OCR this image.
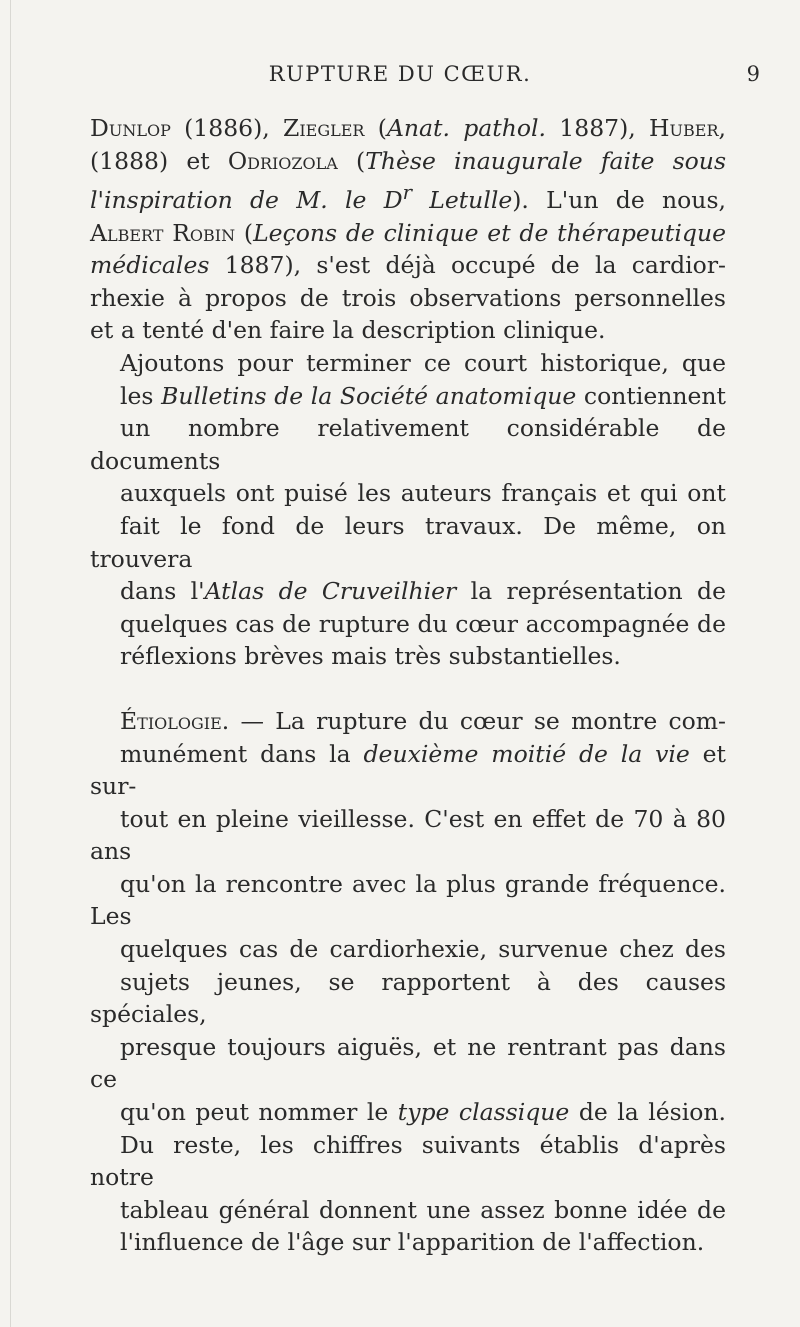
RUPTURE DU CŒUR.	9

Dunlop (1886), Ziegler (Anat. pathol. 1887), Huber,
(1888) et Odriozola (Thèse inaugurale faite sous
l'inspiration de M. le $D^r$ Letulle). L'un de nous,
Albert Robin (Leçons de clinique et de thérapeutique
médicales 1887), s'est déjà occupé de la cardior-
rhexie à propos de trois observations personnelles
et a tenté d'en faire la description clinique.

Ajoutons pour terminer ce court historique, que
les Bulletins de la Société anatomique contiennent
un nombre relativement considérable de documents
auxquels ont puisé les auteurs français et qui ont
fait le fond de leurs travaux. De même, on trouvera
dans l'Atlas de Cruveilhier la représentation de
quelques cas de rupture du cœur accompagnée de
réflexions brèves mais très substantielles.

Étiologie. — La rupture du cœur se montre com-
munément dans la deuxième moitié de la vie et sur-
tout en pleine vieillesse. C'est en effet de 70 à 80 ans
qu'on la rencontre avec la plus grande fréquence. Les
quelques cas de cardiorhexie, survenue chez des
sujets jeunes, se rapportent à des causes spéciales,
presque toujours aiguës, et ne rentrant pas dans ce
qu'on peut nommer le type classique de la lésion.
Du reste, les chiffres suivants établis d'après notre
tableau général donnent une assez bonne idée de
l'influence de l'âge sur l'apparition de l'affection.
